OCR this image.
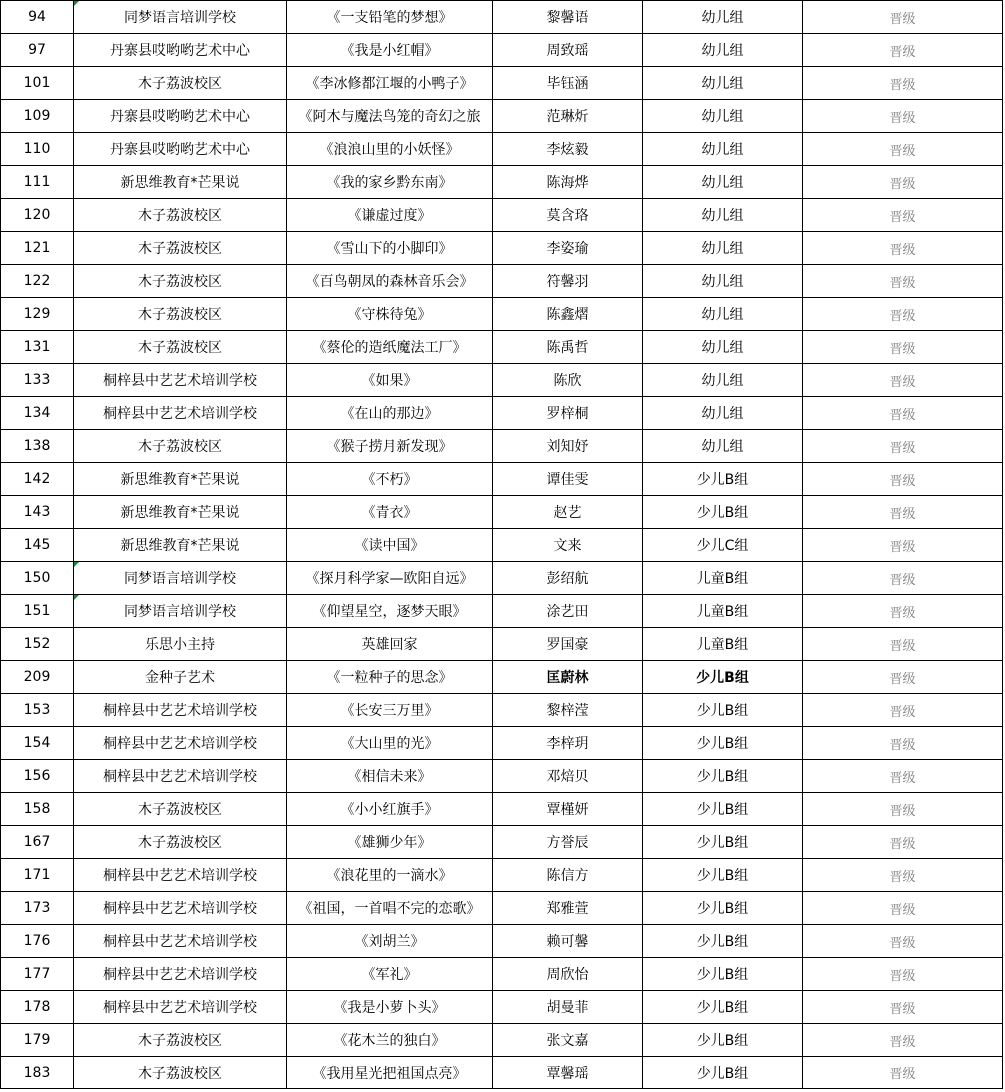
94	同梦语言培训学校	《一支铅笔的梦想》	黎馨语	幼儿组	晋级
97	丹寨县哎哟哟艺术中心	《我是小红帽》	周致瑶	幼儿组	晋级
101	木子荔波校区	《李冰修都江堰的小鸭子》	毕钰涵	幼儿组	晋级
109	丹寨县哎哟哟艺术中心	《阿木与魔法鸟笼的奇幻之旅	范琳炘	幼儿组	晋级
110	丹寨县哎哟哟艺术中心	《浪浪山里的小妖怪》	李炫毅	幼儿组	晋级
111	新思维教育*芒果说	《我的家乡黔东南》	陈海烨	幼儿组	晋级
120	木子荔波校区	《谦虚过度》	莫含珞	幼儿组	晋级
121	木子荔波校区	《雪山下的小脚印》	李姿瑜	幼儿组	晋级
122	木子荔波校区	《百鸟朝凤的森林音乐会》	符馨羽	幼儿组	晋级
129	木子荔波校区	《守株待兔》	陈鑫熠	幼儿组	晋级
131	木子荔波校区	《蔡伦的造纸魔法工厂》	陈禹哲	幼儿组	晋级
133	桐梓县中艺艺术培训学校	《如果》	陈欣	幼儿组	晋级
134	桐梓县中艺艺术培训学校	《在山的那边》	罗梓桐	幼儿组	晋级
138	木子荔波校区	《猴子捞月新发现》	刘知妤	幼儿组	晋级
142	新思维教育*芒果说	《不朽》	谭佳雯	少儿B组	晋级
143	新思维教育*芒果说	《青衣》	赵艺	少儿B组	晋级
145	新思维教育*芒果说	《读中国》	文来	少儿C组	晋级
150	同梦语言培训学校	《探月科学家—欧阳自远》	彭绍航	儿童B组	晋级
151	同梦语言培训学校	《仰望星空，逐梦天眼》	涂艺田	儿童B组	晋级
152	乐思小主持	英雄回家	罗国豪	儿童B组	晋级
209	金种子艺术	《一粒种子的思念》	匡蔚林	少儿B组	晋级
153	桐梓县中艺艺术培训学校	《长安三万里》	黎梓滢	少儿B组	晋级
154	桐梓县中艺艺术培训学校	《大山里的光》	李梓玥	少儿B组	晋级
156	桐梓县中艺艺术培训学校	《相信未来》	邓焙贝	少儿B组	晋级
158	木子荔波校区	《小小红旗手》	覃槿妍	少儿B组	晋级
167	木子荔波校区	《雄狮少年》	方誉辰	少儿B组	晋级
171	桐梓县中艺艺术培训学校	《浪花里的一滴水》	陈信方	少儿B组	晋级
173	桐梓县中艺艺术培训学校	《祖国，一首唱不完的恋歌》	郑雅萱	少儿B组	晋级
176	桐梓县中艺艺术培训学校	《刘胡兰》	赖可馨	少儿B组	晋级
177	桐梓县中艺艺术培训学校	《军礼》	周欣怡	少儿B组	晋级
178	桐梓县中艺艺术培训学校	《我是小萝卜头》	胡曼菲	少儿B组	晋级
179	木子荔波校区	《花木兰的独白》	张文嘉	少儿B组	晋级
183	木子荔波校区	《我用星光把祖国点亮》	覃馨瑶	少儿B组	晋级
